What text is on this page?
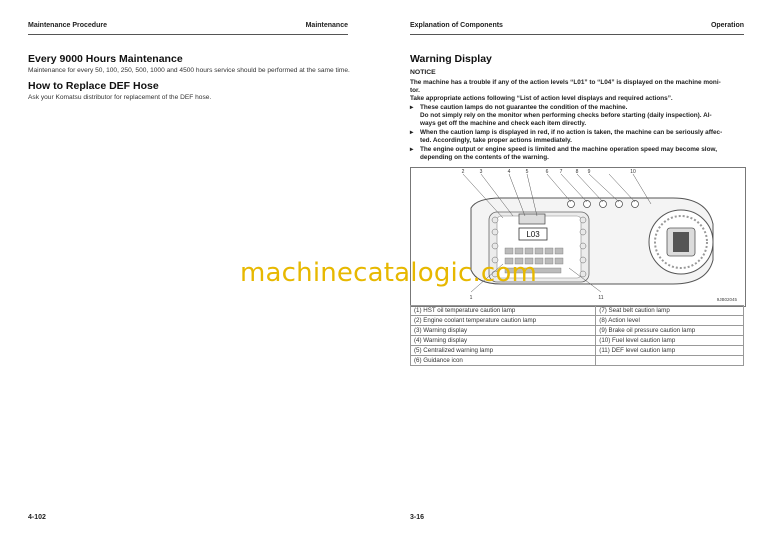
Maintenance Procedure	Maintenance
Every 9000 Hours Maintenance
Maintenance for every 50, 100, 250, 500, 1000 and 4500 hours service should be performed at the same time.
How to Replace DEF Hose
Ask your Komatsu distributor for replacement of the DEF hose.
4-102
Explanation of Components	Operation
Warning Display
NOTICE
The machine has a trouble if any of the action levels “L01” to “L04” is displayed on the machine moni-
tor.
Take appropriate actions following “List of action level displays and required actions”.
▸ These caution lamps do not guarantee the condition of the machine.
Do not simply rely on the monitor when performing checks before starting (daily inspection). Al-
ways get off the machine and check each item directly.
▸ When the caution lamp is displayed in red, if no action is taken, the machine can be seriously affec-
ted. Accordingly, take proper actions immediately.
▸ The engine output or engine speed is limited and the machine operation speed may become slow,
depending on the contents of the warning.
L03
2	3	4	5	6 7	8 9	10
1	11	9JB02045
(1) HST oil temperature caution lamp	(7) Seat belt caution lamp
(2) Engine coolant temperature caution lamp	(8) Action level
(3) Warning display	(9) Brake oil pressure caution lamp
(4) Warning display	(10) Fuel level caution lamp
(5) Centralized warning lamp	(11) DEF level caution lamp
(6) Guidance icon	
3-16
machinecatalogic.com
